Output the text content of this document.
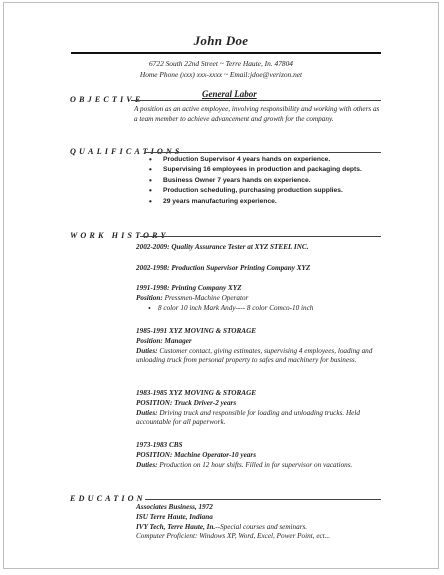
John Doe
6722 South 22nd Street ~ Terre Haute, In. 47804
Home Phone (xxx) xxx-xxxx ~ Email:jdoe@verizon.net
OBJECTIVE
General Labor
A position as an active employee, involving responsibility and working with others as a team member to achieve advancement and growth for the company.
QUALIFICATIONS
• Production Supervisor 4 years hands on experience.
• Supervising 16 employees in production and packaging depts.
• Business Owner 7 years hands on experience.
• Production scheduling, purchasing production supplies.
• 29 years manufacturing experience.
WORK HISTORY
2002-2009: Quality Assurance Tester at XYZ STEEL INC.
2002-1998: Production Supervisor Printing Company XYZ
1991-1998: Printing Company XYZ
Position: Pressmen-Machine Operator
• 8 color 10 inch Mark Andy---- 8 color Comco-10 inch
1985-1991 XYZ MOVING & STORAGE
Position: Manager
Duties: Customer contact, giving estimates, supervising 4 employees, loading and unloading truck from personal property to safes and machinery for business.
1983-1985 XYZ MOVING & STORAGE
POSITION: Truck Driver-2 years
Duties: Driving truck and responsible for loading and unloading trucks. Held accountable for all paperwork.
1973-1983 CBS
POSITION: Machine Operator-10 years
Duties: Production on 12 hour shifts. Filled in for supervisor on vacations.
EDUCATION
Associates Business, 1972
ISU Terre Haute, Indiana
IVY Tech, Terre Haute, In.--Special courses and seminars.
Computer Proficient: Windows XP, Word, Excel, Power Point, ect...
